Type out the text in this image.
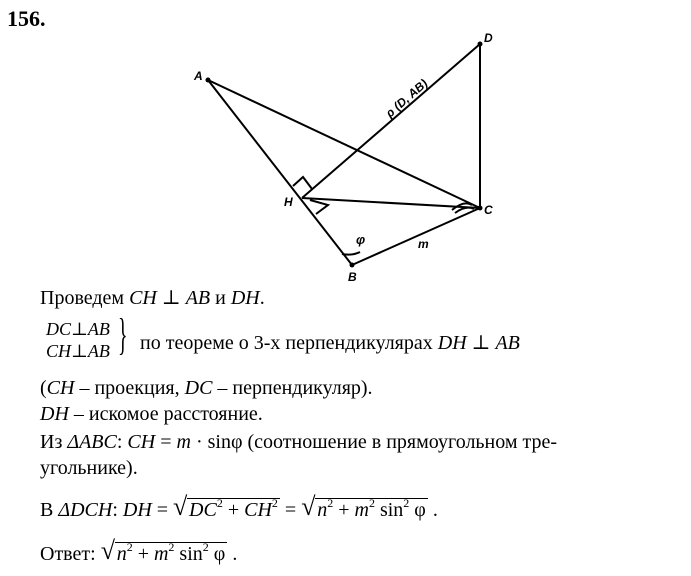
156.
A
B
C
D
H
ρ (D, AB)
φ	m
Проведем CH ⊥ AB и DH.
DC⊥AB
CH⊥AB } по теореме о 3-х перпендикулярах DH ⊥ AB
(CH – проекция, DC – перпендикуляр).
DH – искомое расстояние.
Из ΔABC: CH = m · sinφ (соотношение в прямоугольном тре-
угольнике).
В ΔDCH: DH = √ $DC^2 + CH^2$ = √ $n^2 + m^2$ $\sin^2 \varphi$ .
Ответ: √ $n^2 + m^2$ $\sin^2 \varphi$ .
